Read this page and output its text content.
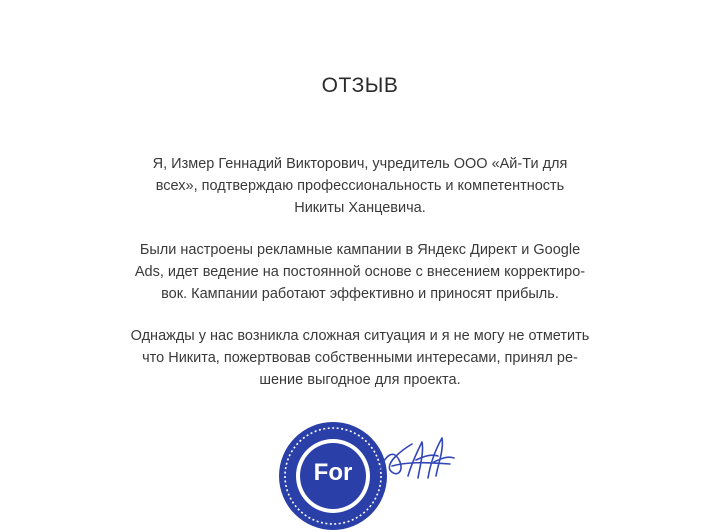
ОТЗЫВ
Я, Измер Геннадий Викторович, учредитель ООО «Ай-Ти для
всех», подтверждаю профессиональность и компетентность
Никиты Ханцевича.
Были настроены рекламные кампании в Яндекс Директ и Google
Ads, идет ведение на постоянной основе с внесением корректиро-
вок. Кампании работают эффективно и приносят прибыль.
Однажды у нас возникла сложная ситуация и я не могу не отметить
что Никита, пожертвовав собственными интересами, принял ре-
шение выгодное для проекта.
For
